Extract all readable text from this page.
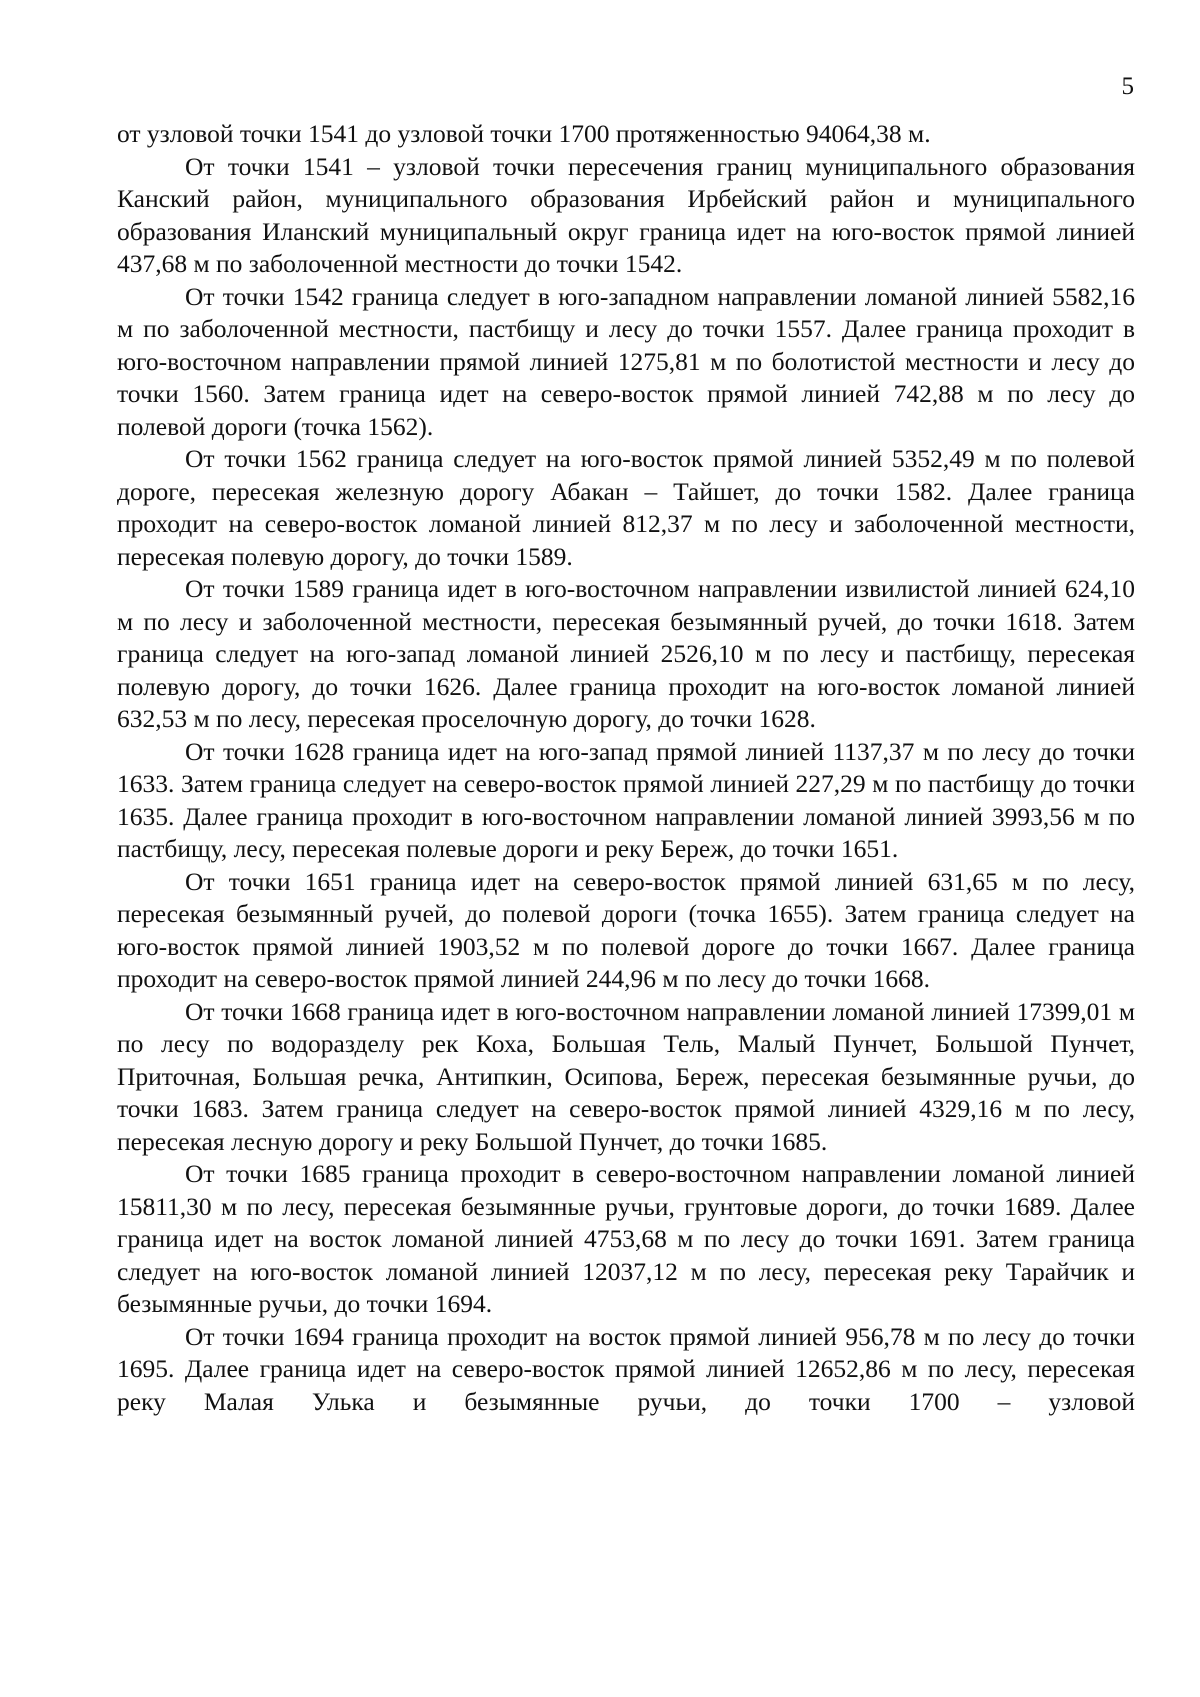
5

от узловой точки 1541 до узловой точки 1700 протяженностью 94064,38 м.

От точки 1541 – узловой точки пересечения границ муниципального образования Канский район, муниципального образования Ирбейский район и муниципального образования Иланский муниципальный округ граница идет на юго-восток прямой линией 437,68 м по заболоченной местности до точки 1542.

От точки 1542 граница следует в юго-западном направлении ломаной линией 5582,16 м по заболоченной местности, пастбищу и лесу до точки 1557. Далее граница проходит в юго-восточном направлении прямой линией 1275,81 м по болотистой местности и лесу до точки 1560. Затем граница идет на северо-восток прямой линией 742,88 м по лесу до полевой дороги (точка 1562).

От точки 1562 граница следует на юго-восток прямой линией 5352,49 м по полевой дороге, пересекая железную дорогу Абакан – Тайшет, до точки 1582. Далее граница проходит на северо-восток ломаной линией 812,37 м по лесу и заболоченной местности, пересекая полевую дорогу, до точки 1589.

От точки 1589 граница идет в юго-восточном направлении извилистой линией 624,10 м по лесу и заболоченной местности, пересекая безымянный ручей, до точки 1618. Затем граница следует на юго-запад ломаной линией 2526,10 м по лесу и пастбищу, пересекая полевую дорогу, до точки 1626. Далее граница проходит на юго-восток ломаной линией 632,53 м по лесу, пересекая проселочную дорогу, до точки 1628.

От точки 1628 граница идет на юго-запад прямой линией 1137,37 м по лесу до точки 1633. Затем граница следует на северо-восток прямой линией 227,29 м по пастбищу до точки 1635. Далее граница проходит в юго-восточном направлении ломаной линией 3993,56 м по пастбищу, лесу, пересекая полевые дороги и реку Береж, до точки 1651.

От точки 1651 граница идет на северо-восток прямой линией 631,65 м по лесу, пересекая безымянный ручей, до полевой дороги (точка 1655). Затем граница следует на юго-восток прямой линией 1903,52 м по полевой дороге до точки 1667. Далее граница проходит на северо-восток прямой линией 244,96 м по лесу до точки 1668.

От точки 1668 граница идет в юго-восточном направлении ломаной линией 17399,01 м по лесу по водоразделу рек Коха, Большая Тель, Малый Пунчет, Большой Пунчет, Приточная, Большая речка, Антипкин, Осипова, Береж, пересекая безымянные ручьи, до точки 1683. Затем граница следует на северо-восток прямой линией 4329,16 м по лесу, пересекая лесную дорогу и реку Большой Пунчет, до точки 1685.

От точки 1685 граница проходит в северо-восточном направлении ломаной линией 15811,30 м по лесу, пересекая безымянные ручьи, грунтовые дороги, до точки 1689. Далее граница идет на восток ломаной линией 4753,68 м по лесу до точки 1691. Затем граница следует на юго-восток ломаной линией 12037,12 м по лесу, пересекая реку Тарайчик и безымянные ручьи, до точки 1694.

От точки 1694 граница проходит на восток прямой линией 956,78 м по лесу до точки 1695. Далее граница идет на северо-восток прямой линией 12652,86 м по лесу, пересекая реку Малая Улька и безымянные ручьи, до точки 1700 – узловой
